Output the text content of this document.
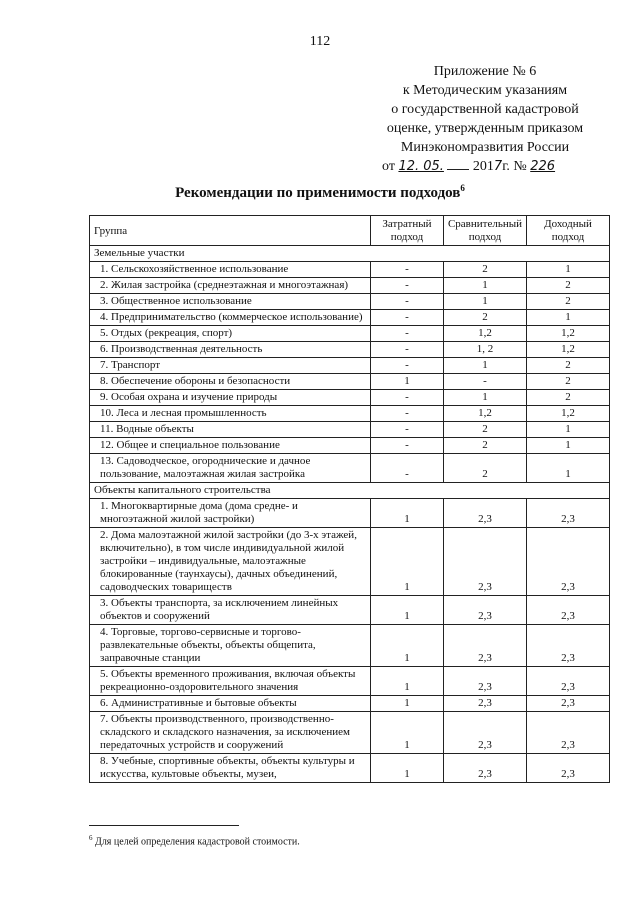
112
Приложение № 6
к Методическим указаниям
о государственной кадастровой
оценке, утвержденным приказом
Минэкономразвития России
от 12. 05. 2017г. № 226
Рекомендации по применимости подходов$^6$
Группа	Затратный подход	Сравнительный подход	Доходный подход
Земельные участки			
1. Сельскохозяйственное использование	-	2	1
2. Жилая застройка (среднеэтажная и многоэтажная)	-	1	2
3. Общественное использование	-	1	2
4. Предпринимательство (коммерческое использование)	-	2	1
5. Отдых (рекреация, спорт)	-	1,2	1,2
6. Производственная деятельность	-	1, 2	1,2
7. Транспорт	-	1	2
8. Обеспечение обороны и безопасности	1	-	2
9. Особая охрана и изучение природы	-	1	2
10. Леса и лесная промышленность	-	1,2	1,2
11. Водные объекты	-	2	1
12. Общее и специальное пользование	-	2	1
13. Садоводческое, огороднические и дачное пользование, малоэтажная жилая застройка	-	2	1
Объекты капитального строительства			
1. Многоквартирные дома (дома средне- и многоэтажной жилой застройки)	1	2,3	2,3
2. Дома малоэтажной жилой застройки (до 3-х этажей, включительно), в том числе индивидуальной жилой застройки – индивидуальные, малоэтажные блокированные (таунхаусы), дачных объединений, садоводческих товариществ	1	2,3	2,3
3. Объекты транспорта, за исключением линейных объектов и сооружений	1	2,3	2,3
4. Торговые, торгово-сервисные и торгово-развлекательные объекты, объекты общепита, заправочные станции	1	2,3	2,3
5. Объекты временного проживания, включая объекты рекреационно-оздоровительного значения	1	2,3	2,3
6. Административные и бытовые объекты	1	2,3	2,3
7. Объекты производственного, производственно-складского и складского назначения, за исключением передаточных устройств и сооружений	1	2,3	2,3
8. Учебные, спортивные объекты, объекты культуры и искусства, культовые объекты, музеи,	1	2,3	2,3
$^6$ Для целей определения кадастровой стоимости.
